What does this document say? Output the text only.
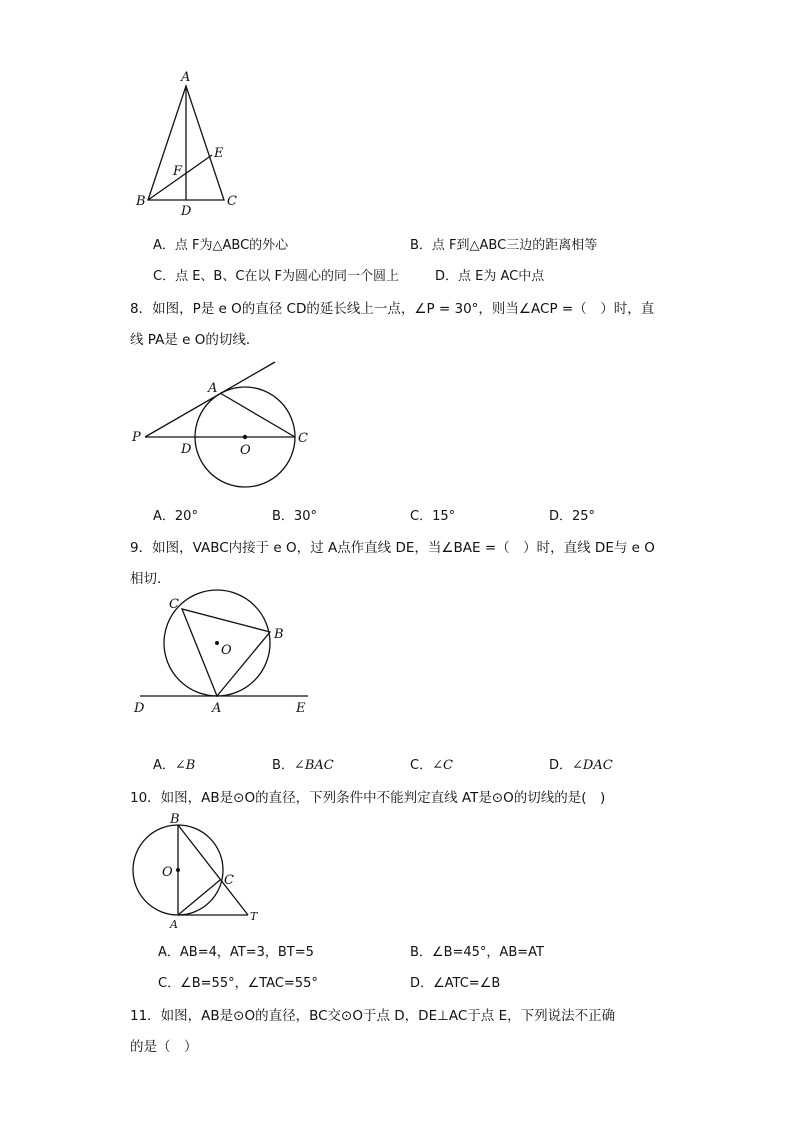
A
B	C
D
E
F
A．点 F为△ABC的外心	B．点 F到△ABC三边的距离相等
C．点 E、B、C在以 F为圆心的同一个圆上	D．点 E为 AC中点
8．如图，P是 e O的直径 CD的延长线上一点，∠P = 30°，则当∠ACP =（　）时，直
线 PA是 e O的切线．
A
P
D	O
C
A．20°	B．30°	C．15°	D．25°
9．如图，VABC内接于 e O，过 A点作直线 DE，当∠BAE =（　）时，直线 DE与 e O
相切．
C
B
O
D	A	E
A．∠B	B．∠BAC	C．∠C	D．∠DAC
10．如图，AB是⊙O的直径，下列条件中不能判定直线 AT是⊙O的切线的是(　)
B
O
C
A
T
A．AB=4，AT=3，BT=5	B．∠B=45°，AB=AT
C．∠B=55°，∠TAC=55°	D．∠ATC=∠B
11．如图，AB是⊙O的直径，BC交⊙O于点 D，DE⊥AC于点 E，下列说法不正确
的是（　）
